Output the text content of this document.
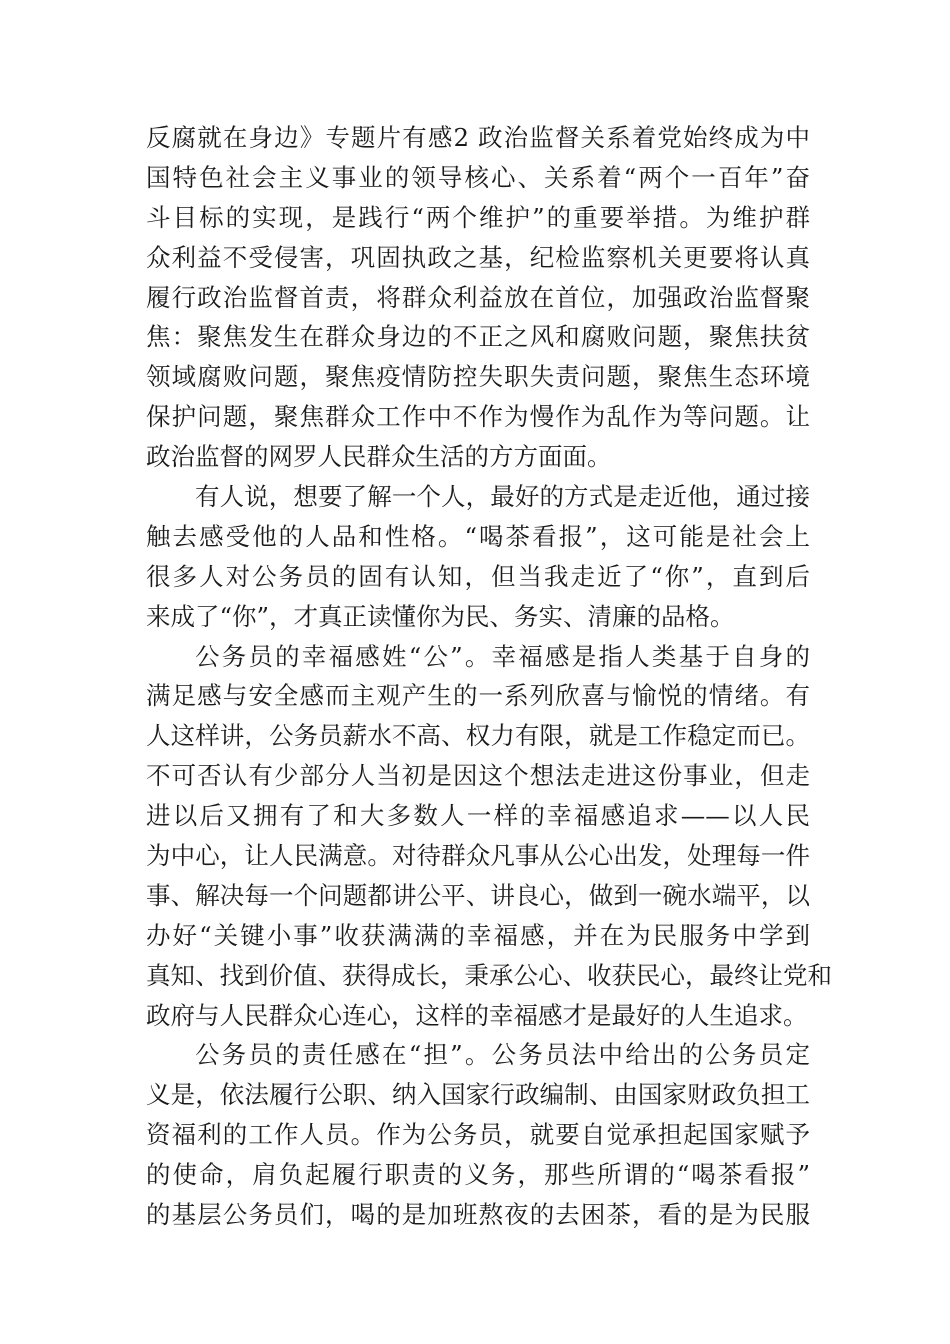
反腐就在身边》专题片有感2 政治监督关系着党始终成为中
国特色社会主义事业的领导核心、关系着“两个一百年”奋
斗目标的实现，是践行“两个维护”的重要举措。为维护群
众利益不受侵害，巩固执政之基，纪检监察机关更要将认真
履行政治监督首责，将群众利益放在首位，加强政治监督聚
焦：聚焦发生在群众身边的不正之风和腐败问题，聚焦扶贫
领域腐败问题，聚焦疫情防控失职失责问题，聚焦生态环境
保护问题，聚焦群众工作中不作为慢作为乱作为等问题。让
政治监督的网罗人民群众生活的方方面面。
有人说，想要了解一个人，最好的方式是走近他，通过接
触去感受他的人品和性格。“喝茶看报”，这可能是社会上
很多人对公务员的固有认知，但当我走近了“你”，直到后
来成了“你”，才真正读懂你为民、务实、清廉的品格。
公务员的幸福感姓“公”。幸福感是指人类基于自身的
满足感与安全感而主观产生的一系列欣喜与愉悦的情绪。有
人这样讲，公务员薪水不高、权力有限，就是工作稳定而已。
不可否认有少部分人当初是因这个想法走进这份事业，但走
进以后又拥有了和大多数人一样的幸福感追求——以人民
为中心，让人民满意。对待群众凡事从公心出发，处理每一件
事、解决每一个问题都讲公平、讲良心，做到一碗水端平，以
办好“关键小事”收获满满的幸福感，并在为民服务中学到
真知、找到价值、获得成长，秉承公心、收获民心，最终让党和
政府与人民群众心连心，这样的幸福感才是最好的人生追求。
公务员的责任感在“担”。公务员法中给出的公务员定
义是，依法履行公职、纳入国家行政编制、由国家财政负担工
资福利的工作人员。作为公务员，就要自觉承担起国家赋予
的使命，肩负起履行职责的义务，那些所谓的“喝茶看报”
的基层公务员们，喝的是加班熬夜的去困茶，看的是为民服
